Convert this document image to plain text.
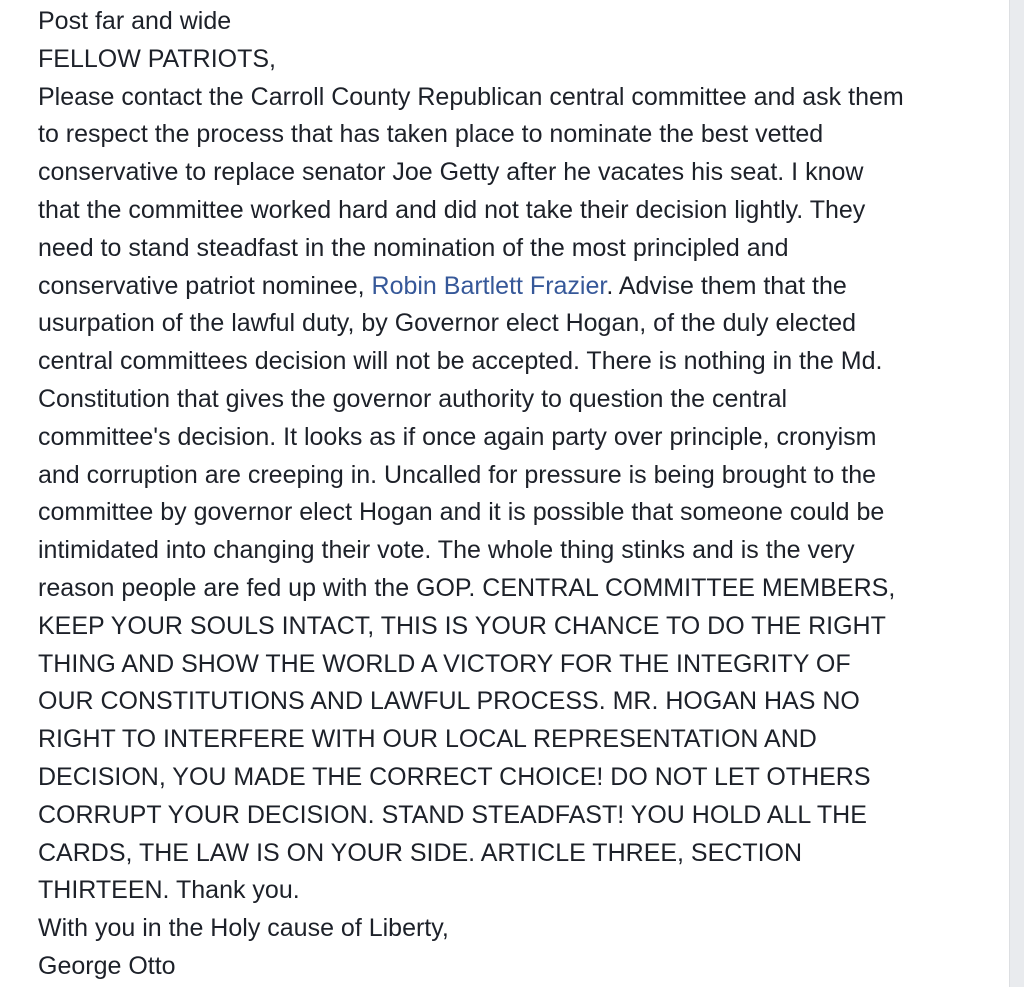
Post far and wide
FELLOW PATRIOTS,
Please contact the Carroll County Republican central committee and ask them
to respect the process that has taken place to nominate the best vetted
conservative to replace senator Joe Getty after he vacates his seat. I know
that the committee worked hard and did not take their decision lightly. They
need to stand steadfast in the nomination of the most principled and
conservative patriot nominee, Robin Bartlett Frazier. Advise them that the
usurpation of the lawful duty, by Governor elect Hogan, of the duly elected
central committees decision will not be accepted. There is nothing in the Md.
Constitution that gives the governor authority to question the central
committee's decision. It looks as if once again party over principle, cronyism
and corruption are creeping in. Uncalled for pressure is being brought to the
committee by governor elect Hogan and it is possible that someone could be
intimidated into changing their vote. The whole thing stinks and is the very
reason people are fed up with the GOP. CENTRAL COMMITTEE MEMBERS,
KEEP YOUR SOULS INTACT, THIS IS YOUR CHANCE TO DO THE RIGHT
THING AND SHOW THE WORLD A VICTORY FOR THE INTEGRITY OF
OUR CONSTITUTIONS AND LAWFUL PROCESS. MR. HOGAN HAS NO
RIGHT TO INTERFERE WITH OUR LOCAL REPRESENTATION AND
DECISION, YOU MADE THE CORRECT CHOICE! DO NOT LET OTHERS
CORRUPT YOUR DECISION. STAND STEADFAST! YOU HOLD ALL THE
CARDS, THE LAW IS ON YOUR SIDE. ARTICLE THREE, SECTION
THIRTEEN. Thank you.
With you in the Holy cause of Liberty,
George Otto
